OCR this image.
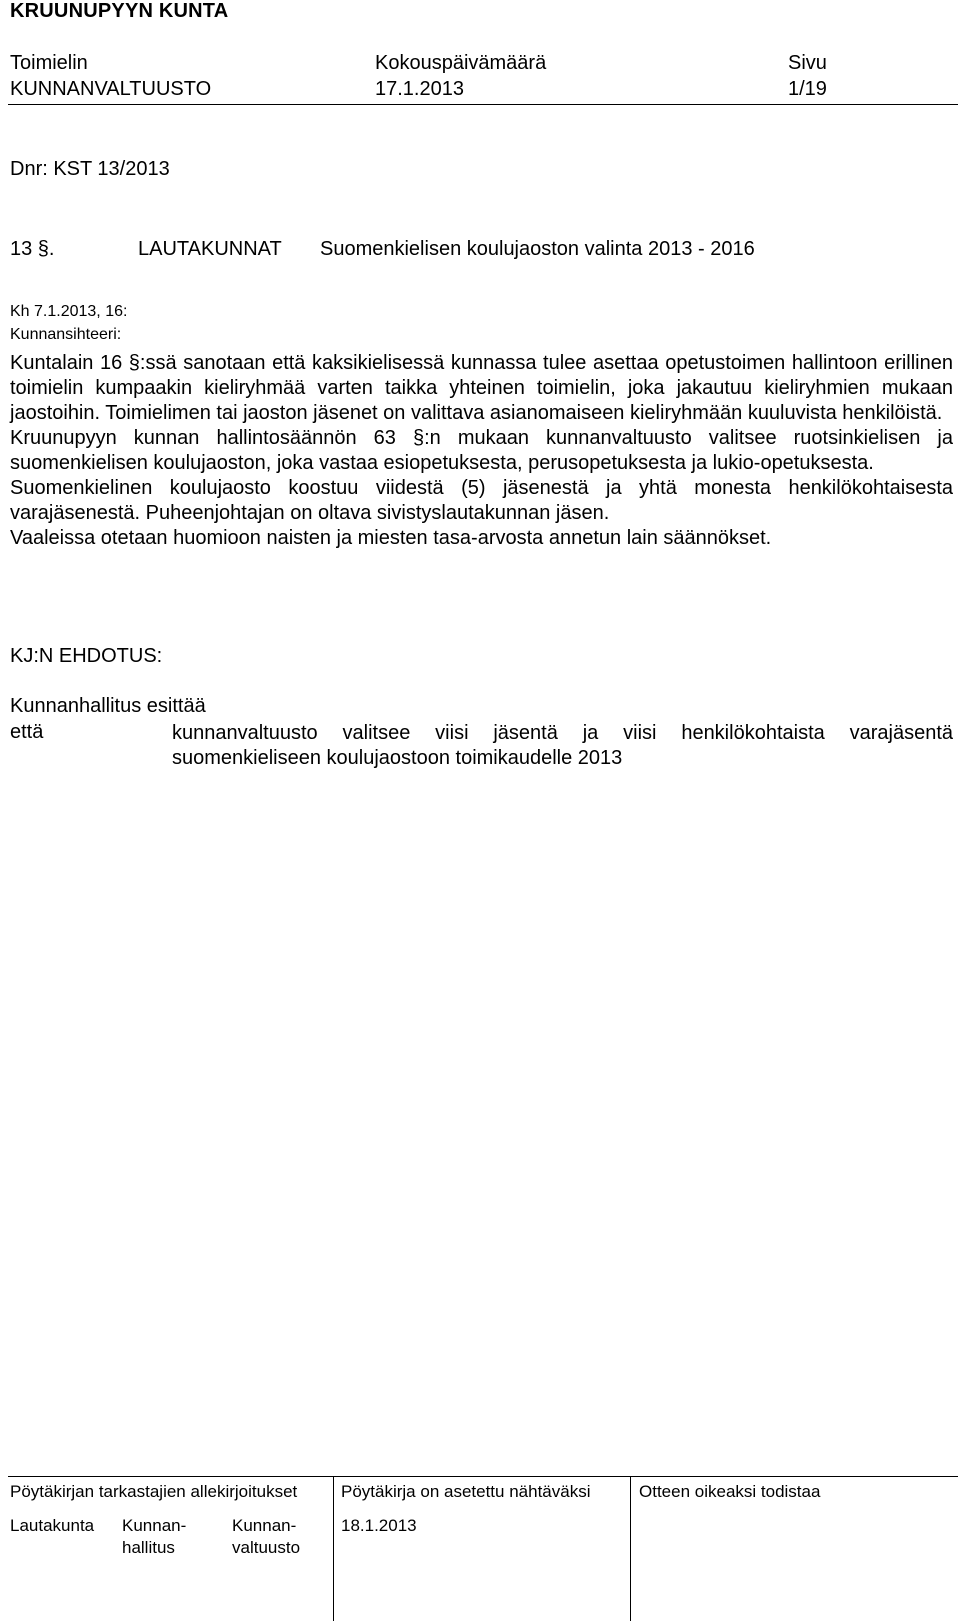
KRUUNUPYYN KUNTA
Toimielin
KUNNANVALTUUSTO
Kokouspäivämäärä
17.1.2013
Sivu
1/19
Dnr: KST 13/2013
13 §.	LAUTAKUNNAT Suomenkielisen koulujaoston valinta 2013 - 2016
Kh 7.1.2013, 16:
Kunnansihteeri:

Kuntalain 16 §:ssä sanotaan että kaksikielisessä kunnassa tulee asettaa opetustoimen hallintoon erillinen toimielin kumpaakin kieliryhmää varten taikka yhteinen toimielin, joka jakautuu kieliryhmien mukaan jaostoihin. Toimielimen tai jaoston jäsenet on valittava asianomaiseen kieliryhmään kuuluvista henkilöistä.

Kruunupyyn kunnan hallintosäännön 63 §:n mukaan kunnanvaltuusto valitsee ruotsinkielisen ja suomenkielisen koulujaoston, joka vastaa esiopetuksesta, perusopetuksesta ja lukio-opetuksesta.

Suomenkielinen koulujaosto koostuu viidestä (5) jäsenestä ja yhtä monesta henkilökohtaisesta varajäsenestä. Puheenjohtajan on oltava sivistyslautakunnan jäsen.

Vaaleissa otetaan huomioon naisten ja miesten tasa-arvosta annetun lain säännökset.

KJ:N EHDOTUS:
Kunnanhallitus esittää
että	kunnanvaltuusto valitsee viisi jäsentä ja viisi henkilökohtaista varajäsentä

suomenkieliseen koulujaostoon toimikaudelle 2013

Pöytäkirjan tarkastajien allekirjoitukset
Lautakunta Kunnan-
hallitus
Kunnan-
valtuusto
Pöytäkirja on asetettu nähtäväksi
18.1.2013
Otteen oikeaksi todistaa
